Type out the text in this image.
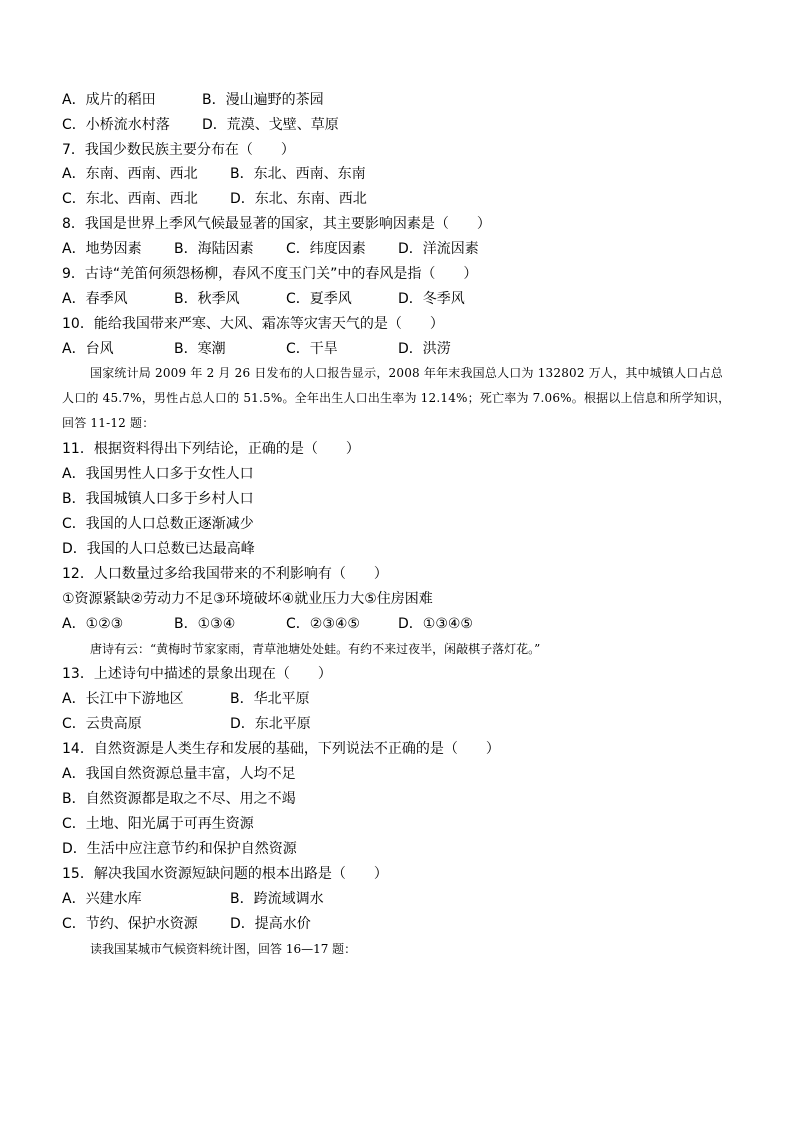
A．成片的稻田	B．漫山遍野的茶园
C．小桥流水村落 D．荒漠、戈壁、草原
7．我国少数民族主要分布在（　　）
A．东南、西南、西北 B．东北、西南、东南
C．东北、西南、西北 D．东北、东南、西北
8．我国是世界上季风气候最显著的国家，其主要影响因素是（　　）
A．地势因素 B．海陆因素 C．纬度因素 D．洋流因素
9．古诗“羌笛何须怨杨柳，春风不度玉门关”中的春风是指（　　）
A．春季风	B．秋季风	C．夏季风	D．冬季风
10．能给我国带来严寒、大风、霜冻等灾害天气的是（　　）
A．台风	B．寒潮	C．干旱	D．洪涝
国家统计局 2009 年 2 月 26 日发布的人口报告显示，2008 年年末我国总人口为 132802 万人，其中城镇人口占总人口的 45.7%，男性占总人口的 51.5%。全年出生人口出生率为 12.14%；死亡率为 7.06%。根据以上信息和所学知识，回答 11-12 题：
11．根据资料得出下列结论，正确的是（　　）
A．我国男性人口多于女性人口
B．我国城镇人口多于乡村人口
C．我国的人口总数正逐渐减少
D．我国的人口总数已达最高峰
12．人口数量过多给我国带来的不利影响有（　　）
①资源紧缺②劳动力不足③环境破坏④就业压力大⑤住房困难
A．①②③	B．①③④	C．②③④⑤	D．①③④⑤
唐诗有云：“黄梅时节家家雨，青草池塘处处蛙。有约不来过夜半，闲敲棋子落灯花。”
13．上述诗句中描述的景象出现在（　　）
A．长江中下游地区	B．华北平原
C．云贵高原	D．东北平原
14．自然资源是人类生存和发展的基础，下列说法不正确的是（　　）
A．我国自然资源总量丰富，人均不足
B．自然资源都是取之不尽、用之不竭
C．土地、阳光属于可再生资源
D．生活中应注意节约和保护自然资源
15．解决我国水资源短缺问题的根本出路是（　　）
A．兴建水库	B．跨流域调水
C．节约、保护水资源 D．提高水价
读我国某城市气候资料统计图，回答 16—17 题：
